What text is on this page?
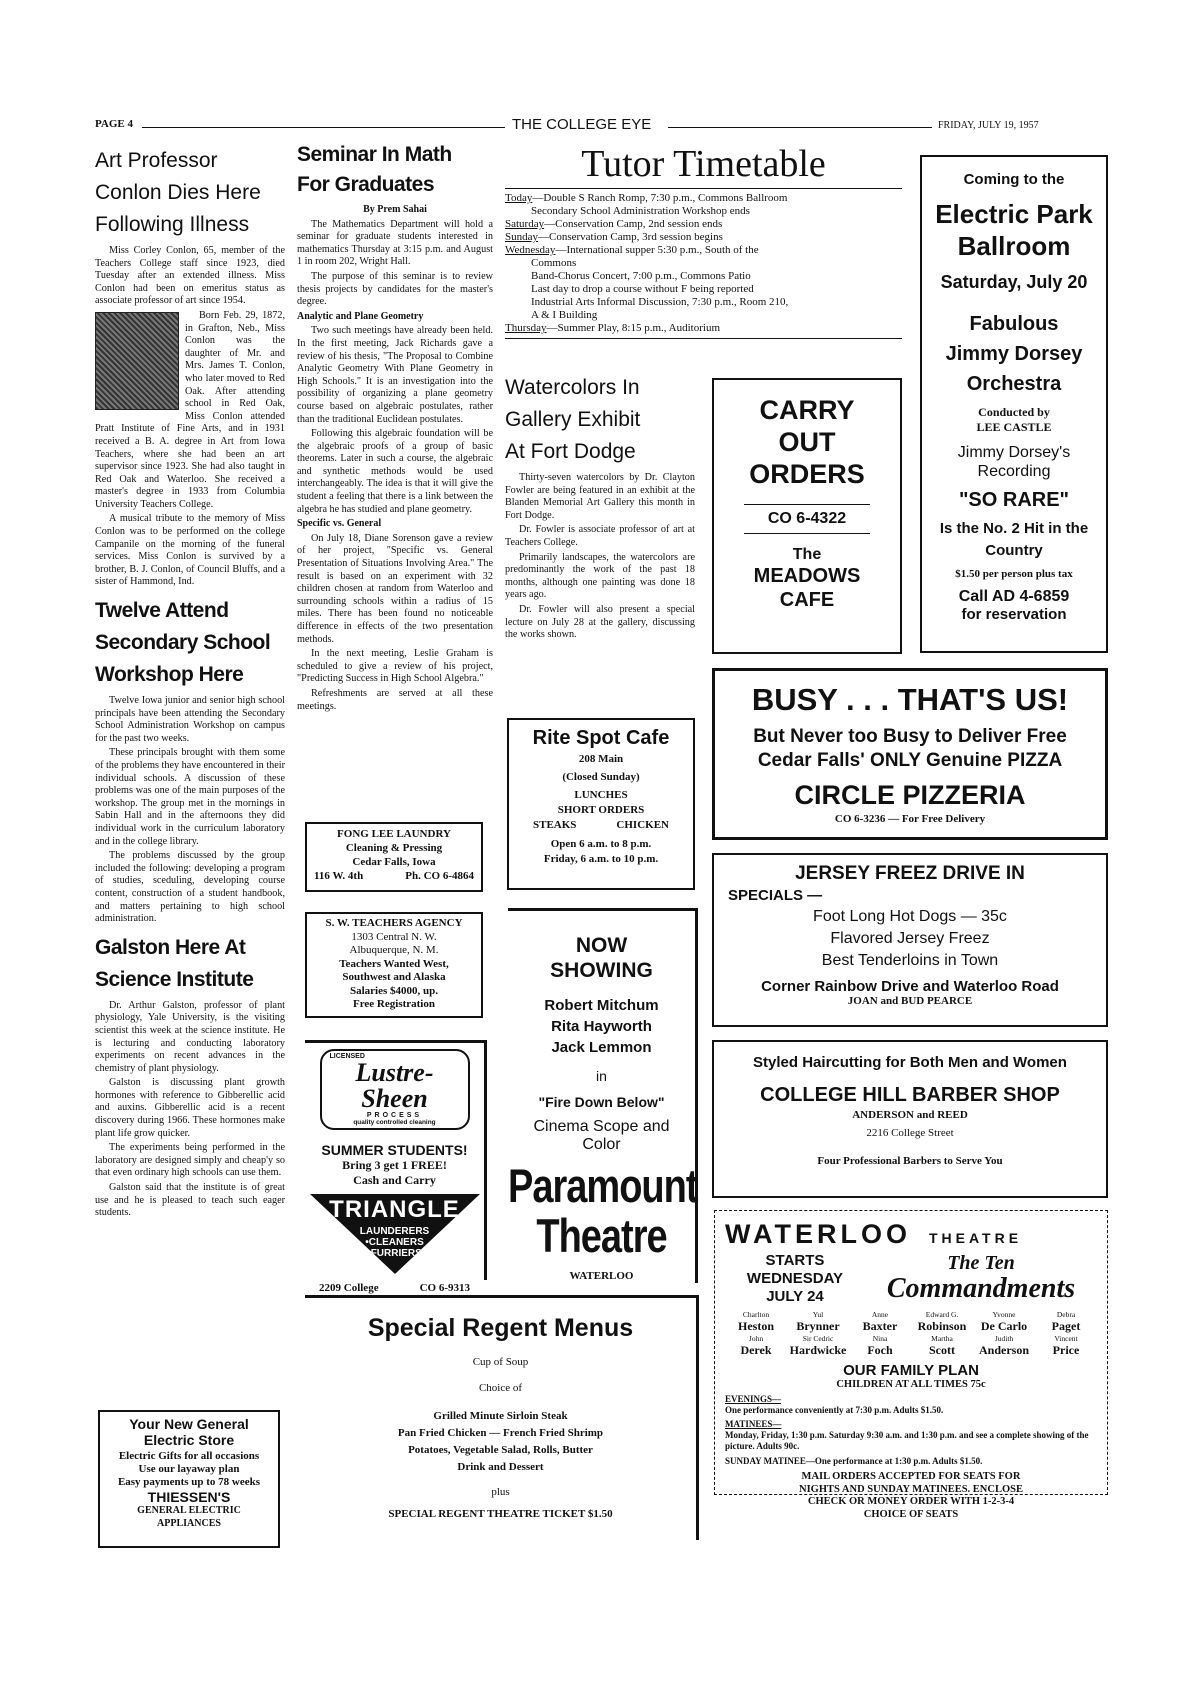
PAGE 4	THE COLLEGE EYE	FRIDAY, JULY 19, 1957
Art Professor
Conlon Dies Here
Following Illness

Miss Corley Conlon, 65, member of the Teachers College staff since 1923, died Tuesday after an extended illness. Miss Conlon had been on emeritus status as associate professor of art since 1954.

Born Feb. 29, 1872, in Grafton, Neb., Miss Conlon was the daughter of Mr. and Mrs. James T. Conlon, who later moved to Red Oak. After attending school in Red Oak, Miss Conlon attended Pratt Institute of Fine Arts, and in 1931 received a B. A. degree in Art from Iowa Teachers, where she had been an art supervisor since 1923. She had also taught in Red Oak and Waterloo. She received a master's degree in 1933 from Columbia University Teachers College.

A musical tribute to the memory of Miss Conlon was to be performed on the college Campanile on the morning of the funeral services. Miss Conlon is survived by a brother, B. J. Conlon, of Council Bluffs, and a sister of Hammond, Ind.

Twelve Attend
Secondary School
Workshop Here

Twelve Iowa junior and senior high school principals have been attending the Secondary School Administration Workshop on campus for the past two weeks.

These principals brought with them some of the problems they have encountered in their individual schools. A discussion of these problems was one of the main purposes of the workshop. The group met in the mornings in Sabin Hall and in the afternoons they did individual work in the curriculum laboratory and in the college library.

The problems discussed by the group included the following: developing a program of studies, sceduling, developing course content, construction of a student handbook, and matters pertaining to high school administration.

Galston Here At
Science Institute

Dr. Arthur Galston, professor of plant physiology, Yale University, is the visiting scientist this week at the science institute. He is lecturing and conducting laboratory experiments on recent advances in the chemistry of plant physiology.

Galston is discussing plant growth hormones with reference to Gibberellic acid and auxins. Gibberellic acid is a recent discovery during 1966. These hormones make plant life grow quicker.

The experiments being performed in the laboratory are designed simply and cheap'y so that even ordinary high schools can use them.

Galston said that the institute is of great use and he is pleased to teach such eager students.

Your New General Electric Store
Electric Gifts for all occasions
Use our layaway plan
Easy payments up to 78 weeks
THIESSEN'S
GENERAL ELECTRIC APPLIANCES
Seminar In Math
For Graduates
By Prem Sahai

The Mathematics Department will hold a seminar for graduate students interested in mathematics Thursday at 3:15 p.m. and August 1 in room 202, Wright Hall.

The purpose of this seminar is to review thesis projects by candidates for the master's degree.

Analytic and Plane Geometry

Two such meetings have already been held. In the first meeting, Jack Richards gave a review of his thesis, "The Proposal to Combine Analytic Geometry With Plane Geometry in High Schools." It is an investigation into the possibility of organizing a plane geometry course based on algebraic postulates, rather than the traditional Euclidean postulates.

Following this algebraic foundation will be the algebraic proofs of a group of basic theorems. Later in such a course, the algebraic and synthetic methods would be used interchangeably. The idea is that it will give the student a feeling that there is a link between the algebra he has studied and plane geometry.

Specific vs. General

On July 18, Diane Sorenson gave a review of her project, "Specific vs. General Presentation of Situations Involving Area." The result is based on an experiment with 32 children chosen at random from Waterloo and surrounding schools within a radius of 15 miles. There has been found no noticeable difference in effects of the two presentation methods.

In the next meeting, Leslie Graham is scheduled to give a review of his project, "Predicting Success in High School Algebra."

Refreshments are served at all these meetings.

FONG LEE LAUNDRY
Cleaning & Pressing
Cedar Falls, Iowa
116 W. 4th	Ph. CO 6-4864
S. W. TEACHERS AGENCY
1303 Central N. W.
Albuquerque, N. M.
Teachers Wanted West,
Southwest and Alaska
Salaries $4000, up.
Free Registration
LICENSED
Lustre-Sheen
PROCESS
quality controlled cleaning
SUMMER STUDENTS!
Bring 3 get 1 FREE!
Cash and Carry
TRIANGLE
LAUNDERERS
•CLEANERS
•FURRIERS
2209 College	CO 6-9313
Tutor Timetable
Today—Double S Ranch Romp, 7:30 p.m., Commons Ballroom
Secondary School Administration Workshop ends
Saturday—Conservation Camp, 2nd session ends
Sunday—Conservation Camp, 3rd session begins
Wednesday—International supper 5:30 p.m., South of the
Commons
Band-Chorus Concert, 7:00 p.m., Commons Patio
Last day to drop a course without F being reported
Industrial Arts Informal Discussion, 7:30 p.m., Room 210,
A & I Building
Thursday—Summer Play, 8:15 p.m., Auditorium
Watercolors In
Gallery Exhibit
At Fort Dodge

Thirty-seven watercolors by Dr. Clayton Fowler are being featured in an exhibit at the Blanden Memorial Art Gallery this month in Fort Dodge.

Dr. Fowler is associate professor of art at Teachers College.

Primarily landscapes, the watercolors are predominantly the work of the past 18 months, although one painting was done 18 years ago.

Dr. Fowler will also present a special lecture on July 28 at the gallery, discussing the works shown.

Rite Spot Cafe
208 Main
(Closed Sunday)
LUNCHES
SHORT ORDERS
STEAKS	CHICKEN
Open 6 a.m. to 8 p.m.
Friday, 6 a.m. to 10 p.m.
NOW
SHOWING
Robert Mitchum
Rita Hayworth
Jack Lemmon
in
"Fire Down Below"
Cinema Scope and Color
Paramount
Theatre
WATERLOO
CARRY
OUT
ORDERS
CO 6-4322
The
MEADOWS
CAFE
Coming to the
Electric Park
Ballroom
Saturday, July 20
Fabulous
Jimmy Dorsey
Orchestra
Conducted by
LEE CASTLE
Jimmy Dorsey's
Recording
"SO RARE"
Is the No. 2 Hit in the
Country
$1.50 per person plus tax
Call AD 4-6859
for reservation
BUSY . . . THAT'S US!
But Never too Busy to Deliver Free
Cedar Falls' ONLY Genuine PIZZA
CIRCLE PIZZERIA
CO 6-3236 — For Free Delivery
JERSEY FREEZ DRIVE IN
SPECIALS —
Foot Long Hot Dogs — 35c
Flavored Jersey Freez
Best Tenderloins in Town
Corner Rainbow Drive and Waterloo Road
JOAN and BUD PEARCE
Styled Haircutting for Both Men and Women
COLLEGE HILL BARBER SHOP
ANDERSON and REED
2216 College Street
Four Professional Barbers to Serve You
WATERLOO THEATRE
STARTS
WEDNESDAY
JULY 24
The Ten
Commandments
Charlton
Heston
Yul
Brynner
Anne
Baxter
Edward G.
Robinson
Yvonne
De Carlo
Debra
Paget
John
Derek
Sir Cedric
Hardwicke
Nina
Foch
Martha
Scott
Judith
Anderson
Vincent
Price
OUR FAMILY PLAN
CHILDREN AT ALL TIMES 75c
EVENINGS—
One performance conveniently at 7:30 p.m. Adults $1.50.
MATINEES—
Monday, Friday, 1:30 p.m. Saturday 9:30 a.m. and 1:30 p.m. and see a complete showing of the picture. Adults 90c.
SUNDAY MATINEE—One performance at 1:30 p.m. Adults $1.50.
MAIL ORDERS ACCEPTED FOR SEATS FOR
NIGHTS AND SUNDAY MATINEES. ENCLOSE
CHECK OR MONEY ORDER WITH 1-2-3-4
CHOICE OF SEATS
Special Regent Menus
Cup of Soup
Choice of
Grilled Minute Sirloin Steak
Pan Fried Chicken — French Fried Shrimp
Potatoes, Vegetable Salad, Rolls, Butter
Drink and Dessert
plus
SPECIAL REGENT THEATRE TICKET $1.50
